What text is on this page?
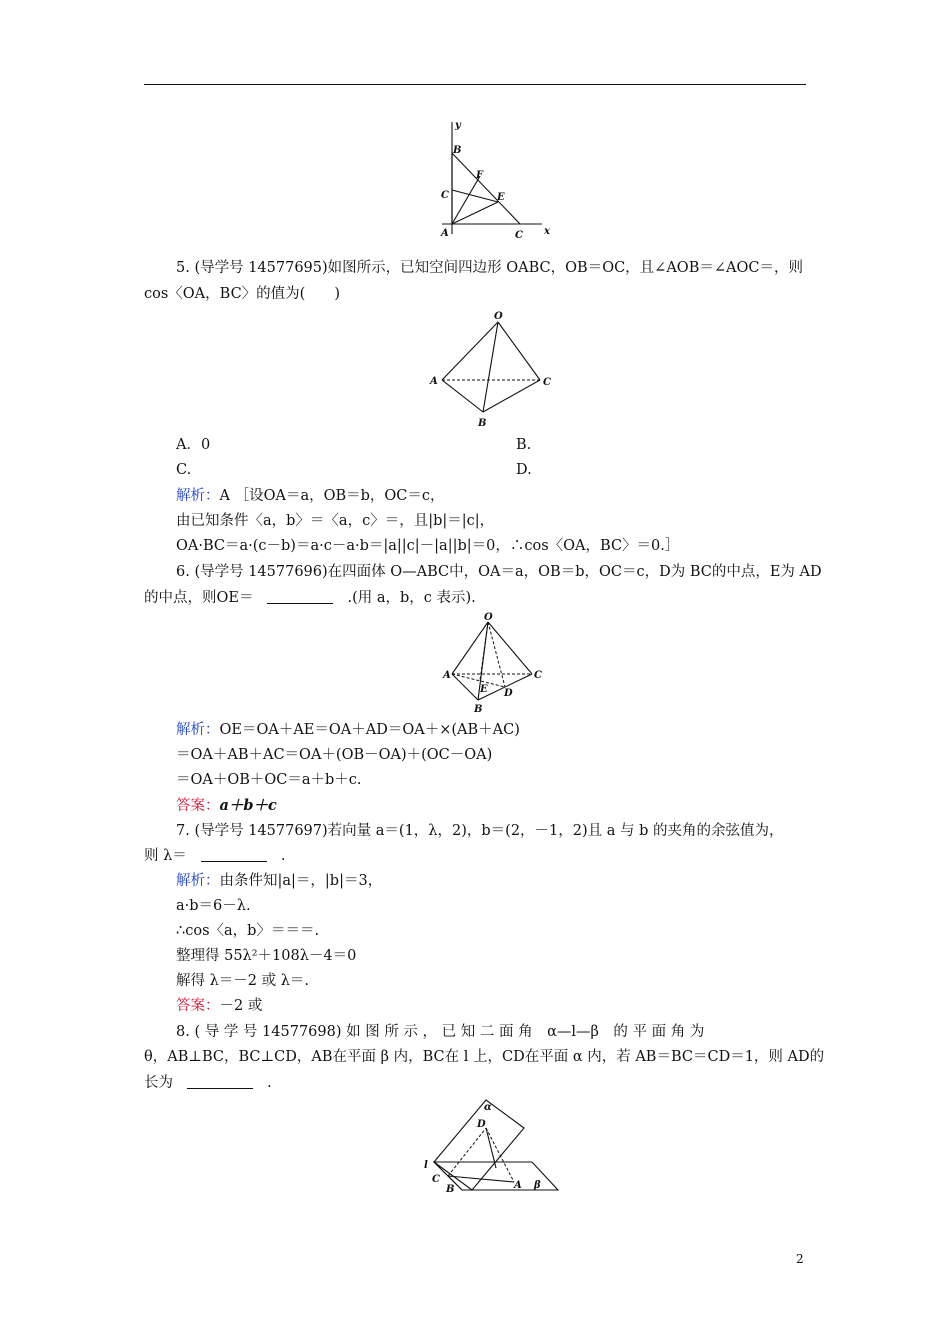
y
x
B
F
C	E
A	C
5. (导学号 14577695)如图所示，已知空间四边形 OABC，OB＝OC，且∠AOB＝∠AOC＝，则
cos〈OA，BC〉的值为(　　)
O
A	C
B
A．0	B.
C.	D.
解析：A ［设OA＝a，OB＝b，OC＝c，
由已知条件〈a，b〉＝〈a，c〉＝，且|b|＝|c|，
OA·BC＝a·(c－b)＝a·c－a·b＝|a||c|－|a||b|＝0，∴cos〈OA，BC〉＝0.］
6. (导学号 14577696)在四面体 O—ABC中，OA＝a，OB＝b，OC＝c，D为 BC的中点，E为 AD
的中点，则OE＝	.(用 a，b，c 表示).
O
A	C
E D
B
解析：OE＝OA＋AE＝OA＋AD＝OA＋×(AB＋AC)
＝OA＋AB＋AC＝OA＋(OB－OA)＋(OC－OA)
＝OA＋OB＋OC＝a＋b＋c.
答案：a＋b＋c
7. (导学号 14577697)若向量 a＝(1，λ，2)，b＝(2，－1，2)且 a 与 b 的夹角的余弦值为，
则 λ＝	.
解析：由条件知|a|＝，|b|＝3，
a·b＝6－λ.
∴cos〈a，b〉＝＝＝.
整理得 55λ²＋108λ－4＝0
解得 λ＝－2 或 λ＝.
答案：－2 或
8. ( 导 学 号 14577698) 如 图 所 示 ， 已 知 二 面 角　α—l—β　的 平 面 角 为
θ，AB⊥BC，BC⊥CD，AB在平面 β 内，BC在 l 上，CD在平面 α 内，若 AB＝BC＝CD＝1，则 AD的
长为	.
α
D
l
C
B	A β
2
